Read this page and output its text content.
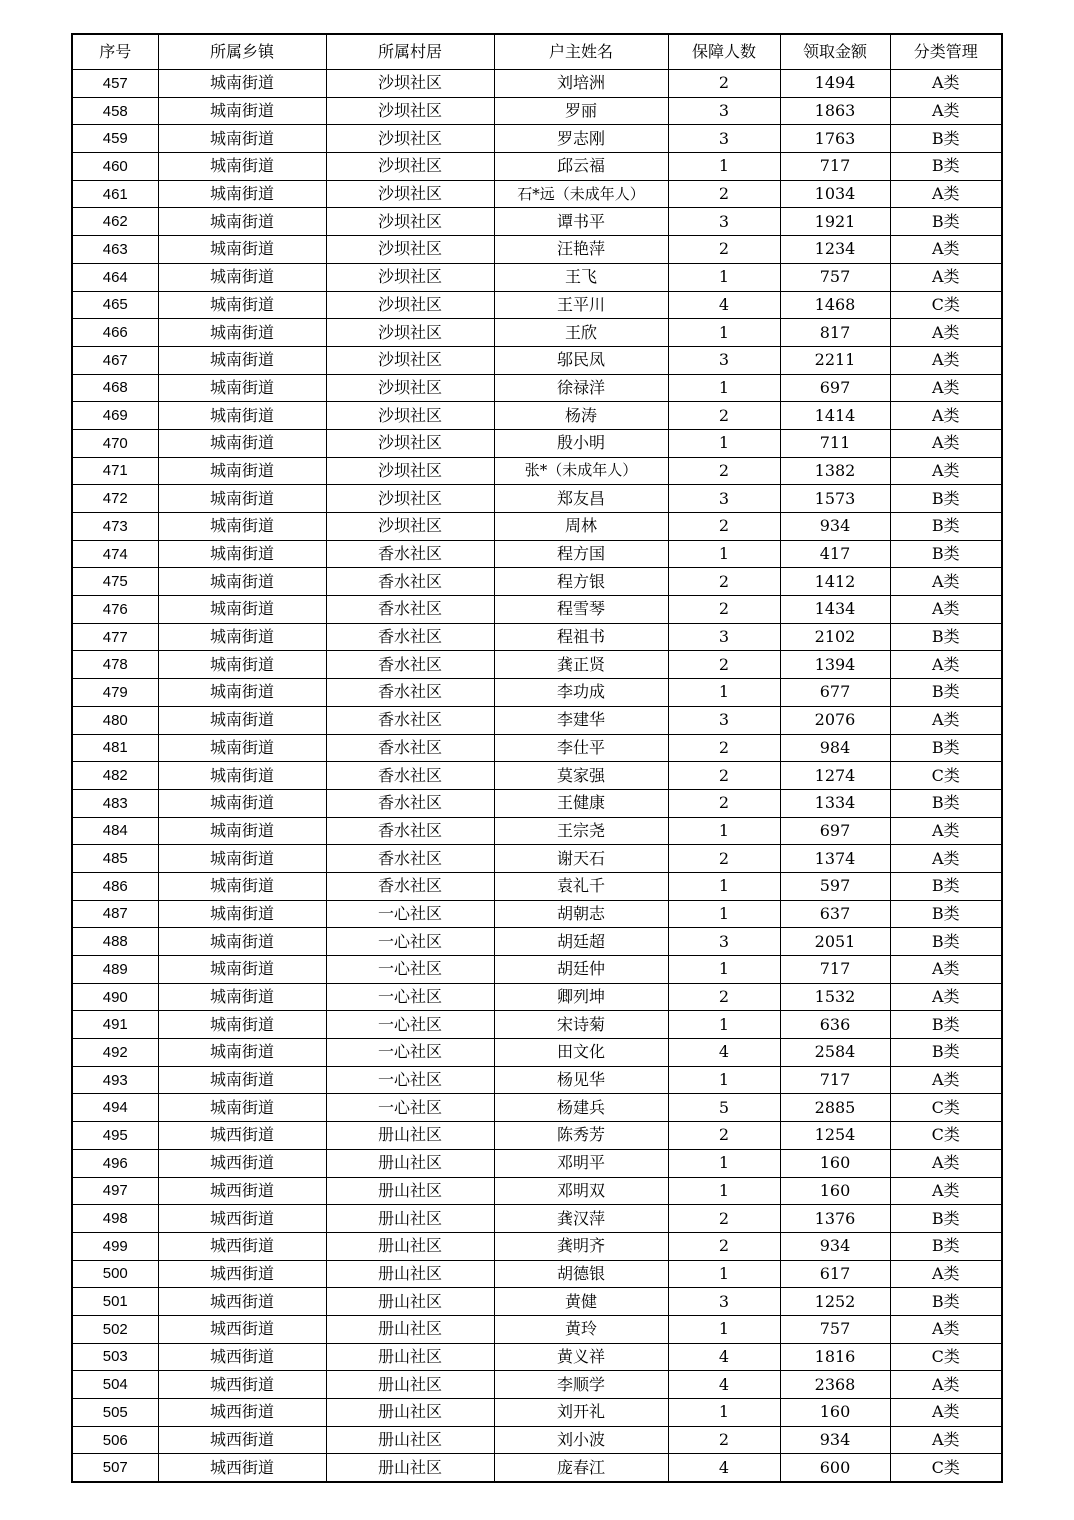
序号	所属乡镇	所属村居	户主姓名	保障人数	领取金额	分类管理
457	城南街道	沙坝社区	刘培洲	2	1494	A类
458	城南街道	沙坝社区	罗丽	3	1863	A类
459	城南街道	沙坝社区	罗志刚	3	1763	B类
460	城南街道	沙坝社区	邱云福	1	717	B类
461	城南街道	沙坝社区	石*远（未成年人）	2	1034	A类
462	城南街道	沙坝社区	谭书平	3	1921	B类
463	城南街道	沙坝社区	汪艳萍	2	1234	A类
464	城南街道	沙坝社区	王飞	1	757	A类
465	城南街道	沙坝社区	王平川	4	1468	C类
466	城南街道	沙坝社区	王欣	1	817	A类
467	城南街道	沙坝社区	邬民凤	3	2211	A类
468	城南街道	沙坝社区	徐禄洋	1	697	A类
469	城南街道	沙坝社区	杨涛	2	1414	A类
470	城南街道	沙坝社区	殷小明	1	711	A类
471	城南街道	沙坝社区	张*（未成年人）	2	1382	A类
472	城南街道	沙坝社区	郑友昌	3	1573	B类
473	城南街道	沙坝社区	周林	2	934	B类
474	城南街道	香水社区	程方国	1	417	B类
475	城南街道	香水社区	程方银	2	1412	A类
476	城南街道	香水社区	程雪琴	2	1434	A类
477	城南街道	香水社区	程祖书	3	2102	B类
478	城南街道	香水社区	龚正贤	2	1394	A类
479	城南街道	香水社区	李功成	1	677	B类
480	城南街道	香水社区	李建华	3	2076	A类
481	城南街道	香水社区	李仕平	2	984	B类
482	城南街道	香水社区	莫家强	2	1274	C类
483	城南街道	香水社区	王健康	2	1334	B类
484	城南街道	香水社区	王宗尧	1	697	A类
485	城南街道	香水社区	谢天石	2	1374	A类
486	城南街道	香水社区	袁礼千	1	597	B类
487	城南街道	一心社区	胡朝志	1	637	B类
488	城南街道	一心社区	胡廷超	3	2051	B类
489	城南街道	一心社区	胡廷仲	1	717	A类
490	城南街道	一心社区	卿列坤	2	1532	A类
491	城南街道	一心社区	宋诗菊	1	636	B类
492	城南街道	一心社区	田文化	4	2584	B类
493	城南街道	一心社区	杨见华	1	717	A类
494	城南街道	一心社区	杨建兵	5	2885	C类
495	城西街道	册山社区	陈秀芳	2	1254	C类
496	城西街道	册山社区	邓明平	1	160	A类
497	城西街道	册山社区	邓明双	1	160	A类
498	城西街道	册山社区	龚汉萍	2	1376	B类
499	城西街道	册山社区	龚明齐	2	934	B类
500	城西街道	册山社区	胡德银	1	617	A类
501	城西街道	册山社区	黄健	3	1252	B类
502	城西街道	册山社区	黄玲	1	757	A类
503	城西街道	册山社区	黄义祥	4	1816	C类
504	城西街道	册山社区	李顺学	4	2368	A类
505	城西街道	册山社区	刘开礼	1	160	A类
506	城西街道	册山社区	刘小波	2	934	A类
507	城西街道	册山社区	庞春江	4	600	C类
